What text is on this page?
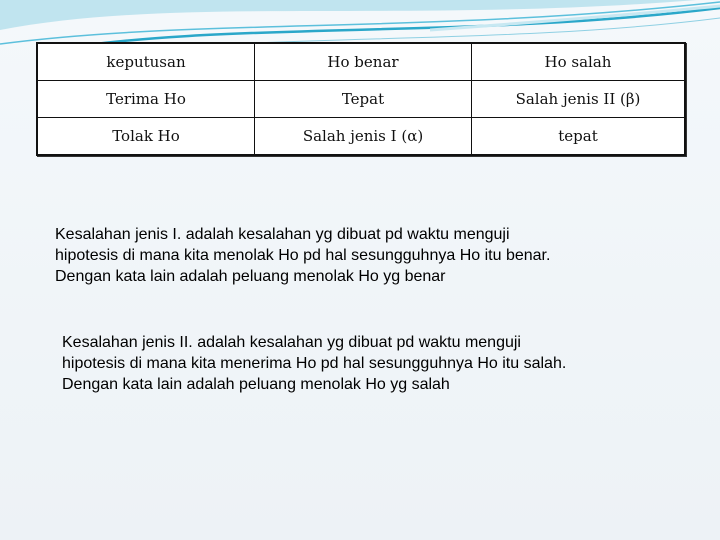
keputusan	Ho benar	Ho salah
Terima Ho	Tepat	Salah jenis II (β)
Tolak Ho	Salah jenis I (α)	tepat

Kesalahan jenis I. adalah kesalahan yg dibuat pd waktu menguji
hipotesis di mana kita menolak Ho pd hal sesungguhnya Ho itu benar.
Dengan kata lain adalah peluang menolak Ho yg benar

Kesalahan jenis II. adalah kesalahan yg dibuat pd waktu menguji
hipotesis di mana kita menerima Ho pd hal sesungguhnya Ho itu salah.
Dengan kata lain adalah peluang menolak Ho yg salah
